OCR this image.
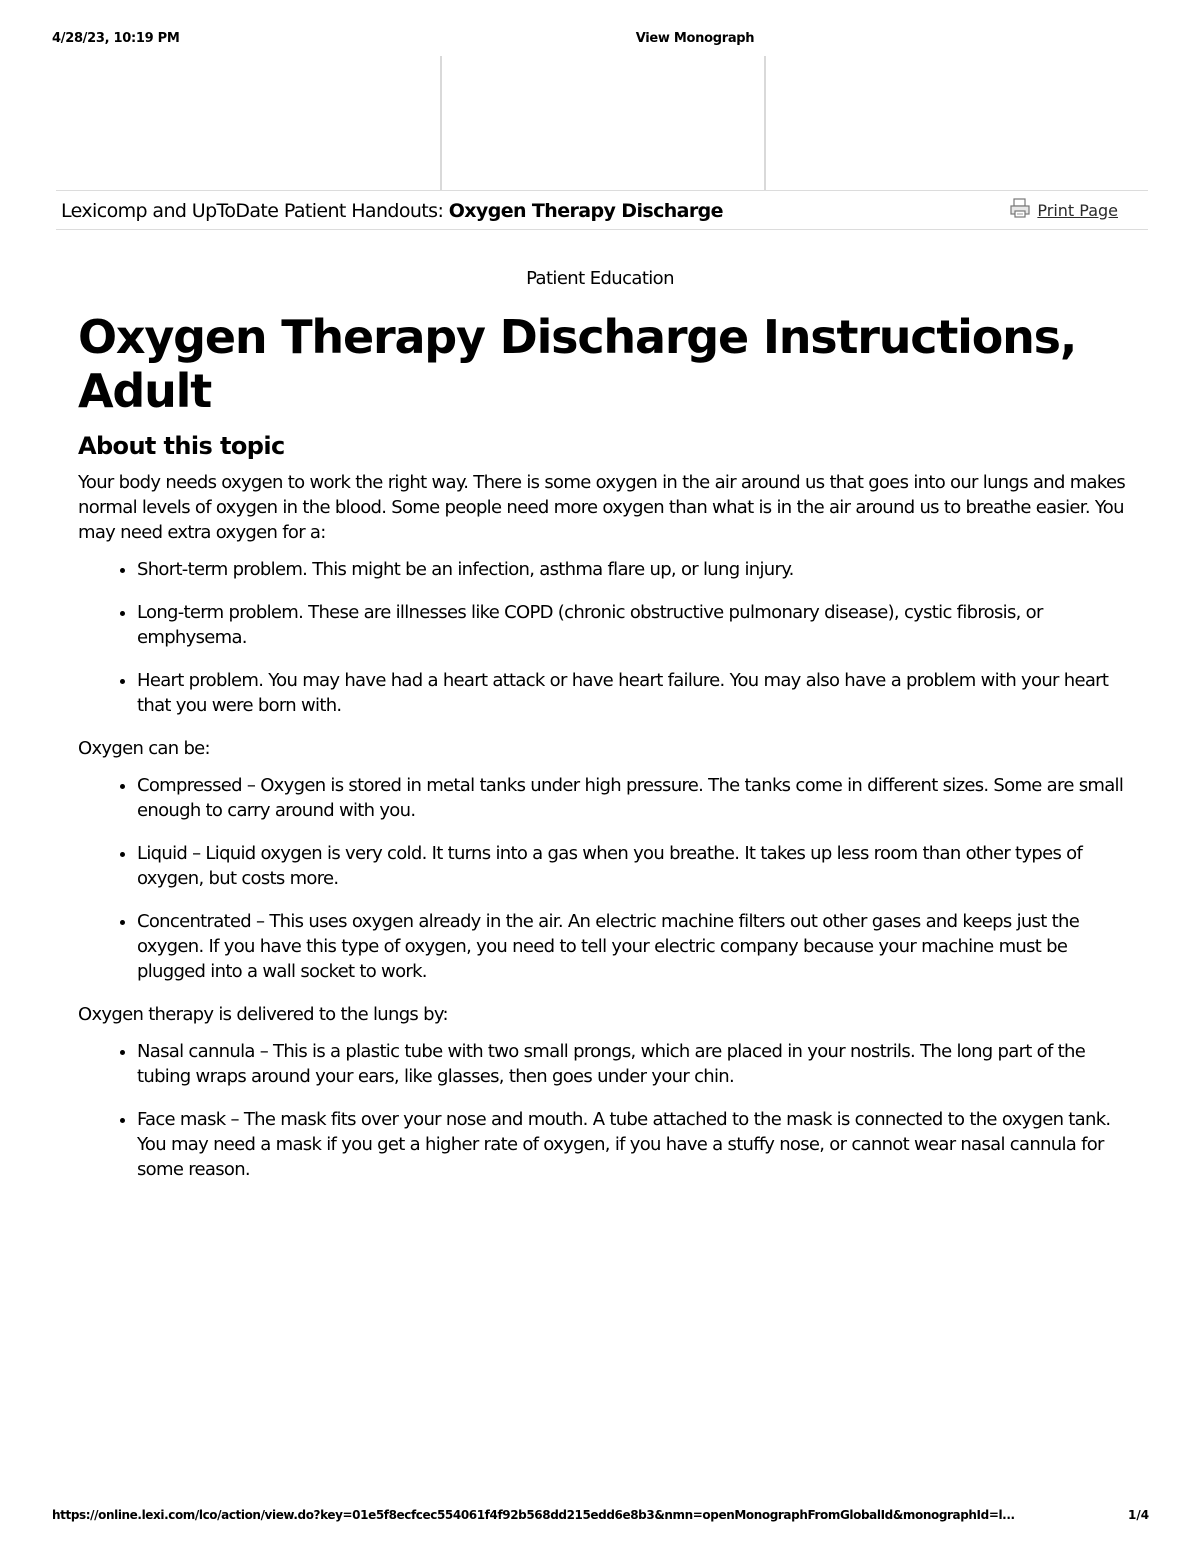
4/28/23, 10:19 PM	View Monograph
Lexicomp and UpToDate Patient Handouts: Oxygen Therapy Discharge	Print Page
Patient Education
Oxygen Therapy Discharge Instructions, Adult
About this topic

Your body needs oxygen to work the right way. There is some oxygen in the air around us that goes into our lungs and makes normal levels of oxygen in the blood. Some people need more oxygen than what is in the air around us to breathe easier. You may need extra oxygen for a:

• Short-term problem. This might be an infection, asthma flare up, or lung injury.
• Long-term problem. These are illnesses like COPD (chronic obstructive pulmonary disease), cystic fibrosis, or emphysema.
• Heart problem. You may have had a heart attack or have heart failure. You may also have a problem with your heart that you were born with.

Oxygen can be:

• Compressed – Oxygen is stored in metal tanks under high pressure. The tanks come in different sizes. Some are small enough to carry around with you.
• Liquid – Liquid oxygen is very cold. It turns into a gas when you breathe. It takes up less room than other types of oxygen, but costs more.
• Concentrated – This uses oxygen already in the air. An electric machine filters out other gases and keeps just the oxygen. If you have this type of oxygen, you need to tell your electric company because your machine must be plugged into a wall socket to work.

Oxygen therapy is delivered to the lungs by:

• Nasal cannula – This is a plastic tube with two small prongs, which are placed in your nostrils. The long part of the tubing wraps around your ears, like glasses, then goes under your chin.
• Face mask – The mask fits over your nose and mouth. A tube attached to the mask is connected to the oxygen tank. You may need a mask if you get a higher rate of oxygen, if you have a stuffy nose, or cannot wear nasal cannula for some reason.
https://online.lexi.com/lco/action/view.do?key=01e5f8ecfcec554061f4f92b568dd215edd6e8b3&nmn=openMonographFromGlobalId&monographId=l...	1/4
